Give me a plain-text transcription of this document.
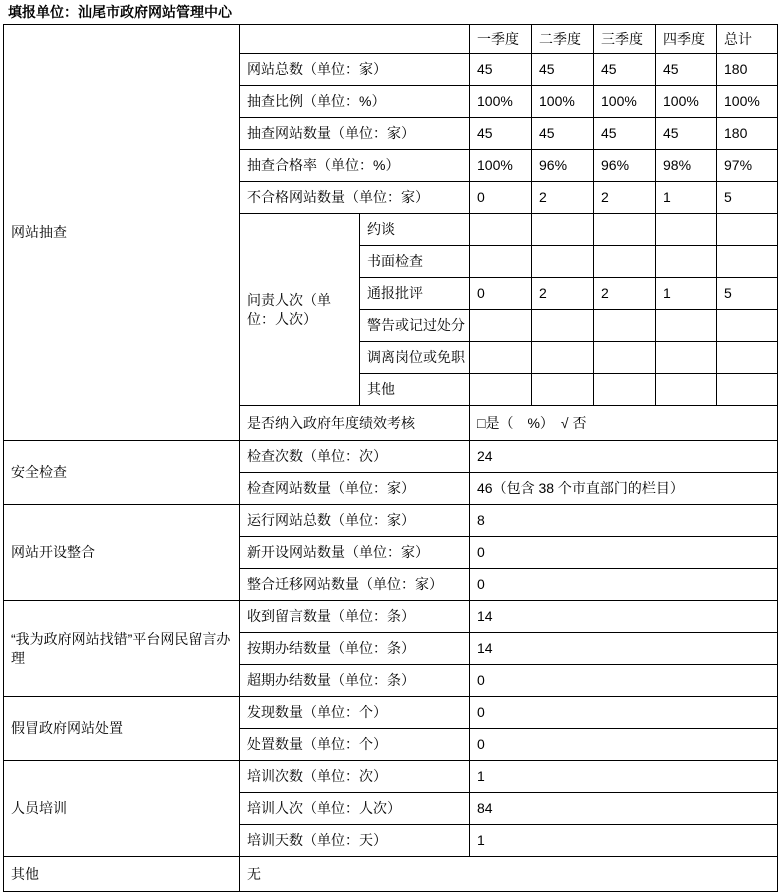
填报单位：汕尾市政府网站管理中心
网站抽查			一季度	二季度	三季度	四季度	总计
	网站总数（单位：家）		45	45	45	45	180
	抽查比例（单位：%）		100%	100%	100%	100%	100%
	抽查网站数量（单位：家）		45	45	45	45	180
	抽查合格率（单位：%）		100%	96%	96%	98%	97%
	不合格网站数量（单位：家）		0	2	2	1	5
	问责人次（单位：人次）	约谈					
		书面检查					
		通报批评	0	2	2	1	5
		警告或记过处分					
		调离岗位或免职					
		其他					
	是否纳入政府年度绩效考核		□是（　%）　√ 否				
安全检查	检查次数（单位：次）		24				
	检查网站数量（单位：家）		46（包含 38 个市直部门的栏目）				
网站开设整合	运行网站总数（单位：家）		8				
	新开设网站数量（单位：家）		0				
	整合迁移网站数量（单位：家）		0				
“我为政府网站找错”平台网民留言办理	收到留言数量（单位：条）		14				
	按期办结数量（单位：条）		14				
	超期办结数量（单位：条）		0				
假冒政府网站处置	发现数量（单位：个）		0				
	处置数量（单位：个）		0				
人员培训	培训次数（单位：次）		1				
	培训人次（单位：人次）		84				
	培训天数（单位：天）		1				
其他	无						
